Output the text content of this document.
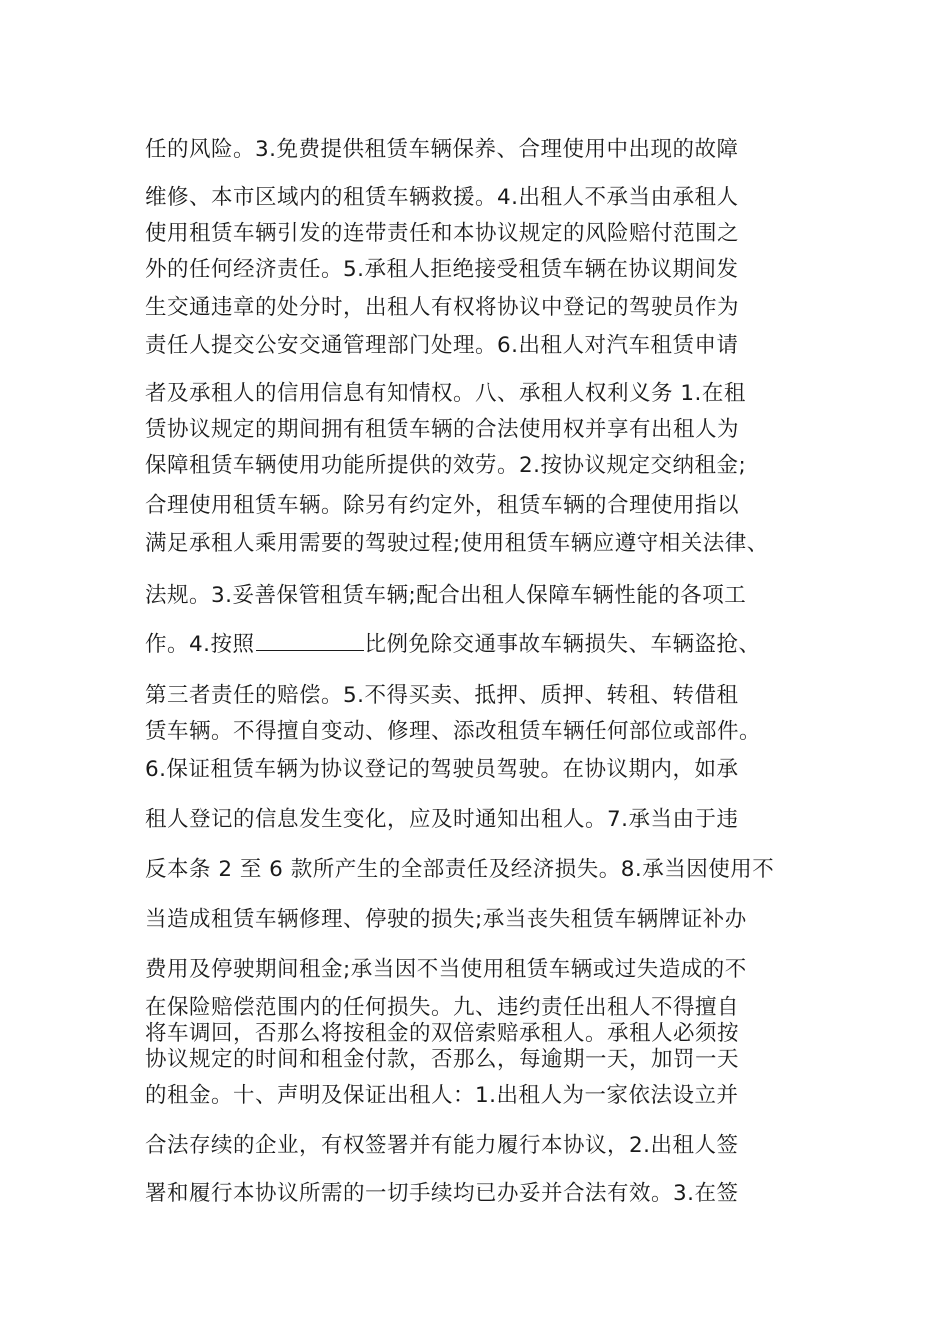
任的风险。3.免费提供租赁车辆保养、合理使用中出现的故障
维修、本市区域内的租赁车辆救援。4.出租人不承当由承租人
使用租赁车辆引发的连带责任和本协议规定的风险赔付范围之
外的任何经济责任。5.承租人拒绝接受租赁车辆在协议期间发
生交通违章的处分时，出租人有权将协议中登记的驾驶员作为
责任人提交公安交通管理部门处理。6.出租人对汽车租赁申请
者及承租人的信用信息有知情权。八、承租人权利义务 1.在租
赁协议规定的期间拥有租赁车辆的合法使用权并享有出租人为
保障租赁车辆使用功能所提供的效劳。2.按协议规定交纳租金;
合理使用租赁车辆。除另有约定外，租赁车辆的合理使用指以
满足承租人乘用需要的驾驶过程;使用租赁车辆应遵守相关法律、
法规。3.妥善保管租赁车辆;配合出租人保障车辆性能的各项工
作。4.按照	比例免除交通事故车辆损失、车辆盗抢、
第三者责任的赔偿。5.不得买卖、抵押、质押、转租、转借租
赁车辆。不得擅自变动、修理、添改租赁车辆任何部位或部件。
6.保证租赁车辆为协议登记的驾驶员驾驶。在协议期内，如承
租人登记的信息发生变化，应及时通知出租人。7.承当由于违
反本条 2 至 6 款所产生的全部责任及经济损失。8.承当因使用不
当造成租赁车辆修理、停驶的损失;承当丧失租赁车辆牌证补办
费用及停驶期间租金;承当因不当使用租赁车辆或过失造成的不
在保险赔偿范围内的任何损失。九、违约责任出租人不得擅自
将车调回，否那么将按租金的双倍索赔承租人。承租人必须按
协议规定的时间和租金付款，否那么，每逾期一天，加罚一天
的租金。十、声明及保证出租人：1.出租人为一家依法设立并
合法存续的企业，有权签署并有能力履行本协议，2.出租人签
署和履行本协议所需的一切手续均已办妥并合法有效。3.在签
